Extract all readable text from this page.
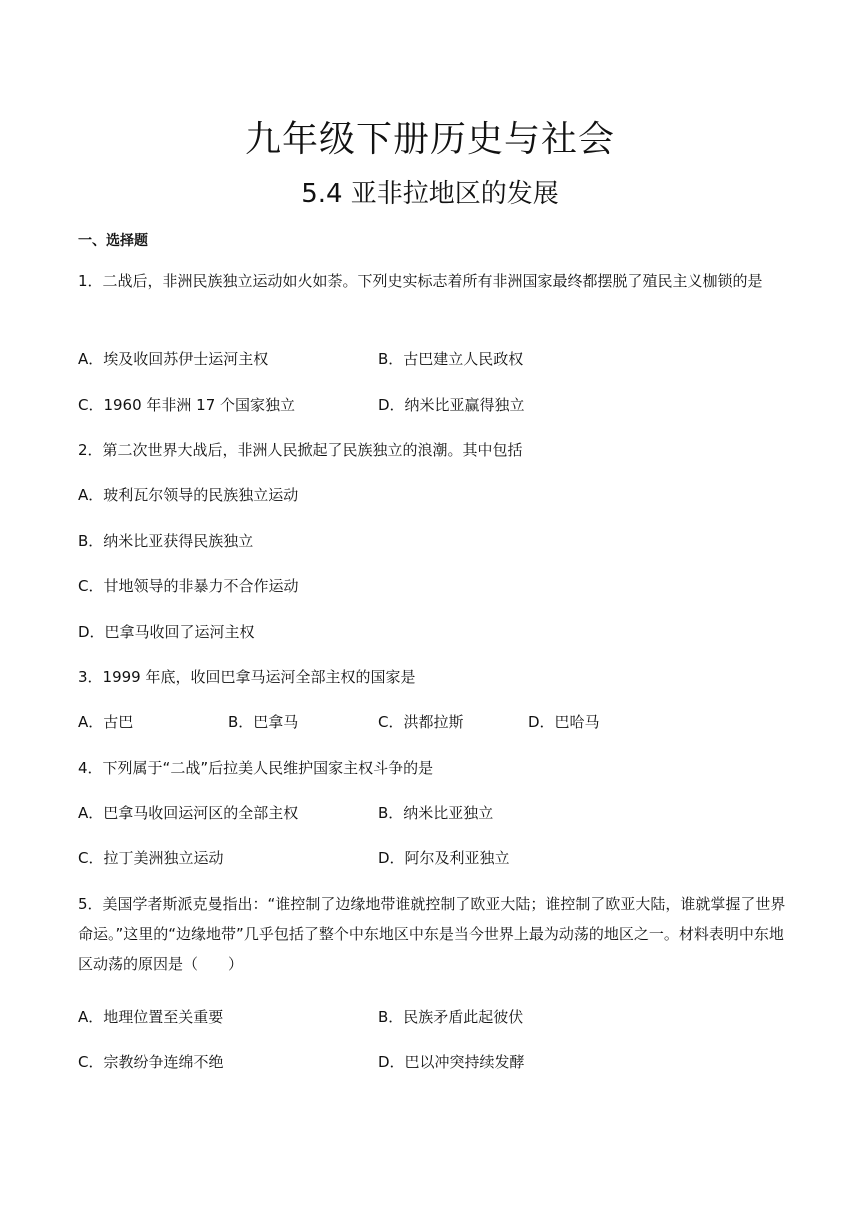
九年级下册历史与社会
5.4 亚非拉地区的发展
一、选择题
1．二战后，非洲民族独立运动如火如荼。下列史实标志着所有非洲国家最终都摆脱了殖民主义枷锁的是
A．埃及收回苏伊士运河主权	B．古巴建立人民政权
C．1960 年非洲 17 个国家独立	D．纳米比亚赢得独立
2．第二次世界大战后，非洲人民掀起了民族独立的浪潮。其中包括
A．玻利瓦尔领导的民族独立运动
B．纳米比亚获得民族独立
C．甘地领导的非暴力不合作运动
D．巴拿马收回了运河主权
3．1999 年底，收回巴拿马运河全部主权的国家是
A．古巴	B．巴拿马	C．洪都拉斯	D．巴哈马
4．下列属于“二战”后拉美人民维护国家主权斗争的是
A．巴拿马收回运河区的全部主权	B．纳米比亚独立
C．拉丁美洲独立运动	D．阿尔及利亚独立
5．美国学者斯派克曼指出：“谁控制了边缘地带谁就控制了欧亚大陆；谁控制了欧亚大陆，谁就掌握了世界命运。”这里的“边缘地带”几乎包括了整个中东地区中东是当今世界上最为动荡的地区之一。材料表明中东地区动荡的原因是（　　）
A．地理位置至关重要	B．民族矛盾此起彼伏
C．宗教纷争连绵不绝	D．巴以冲突持续发酵
